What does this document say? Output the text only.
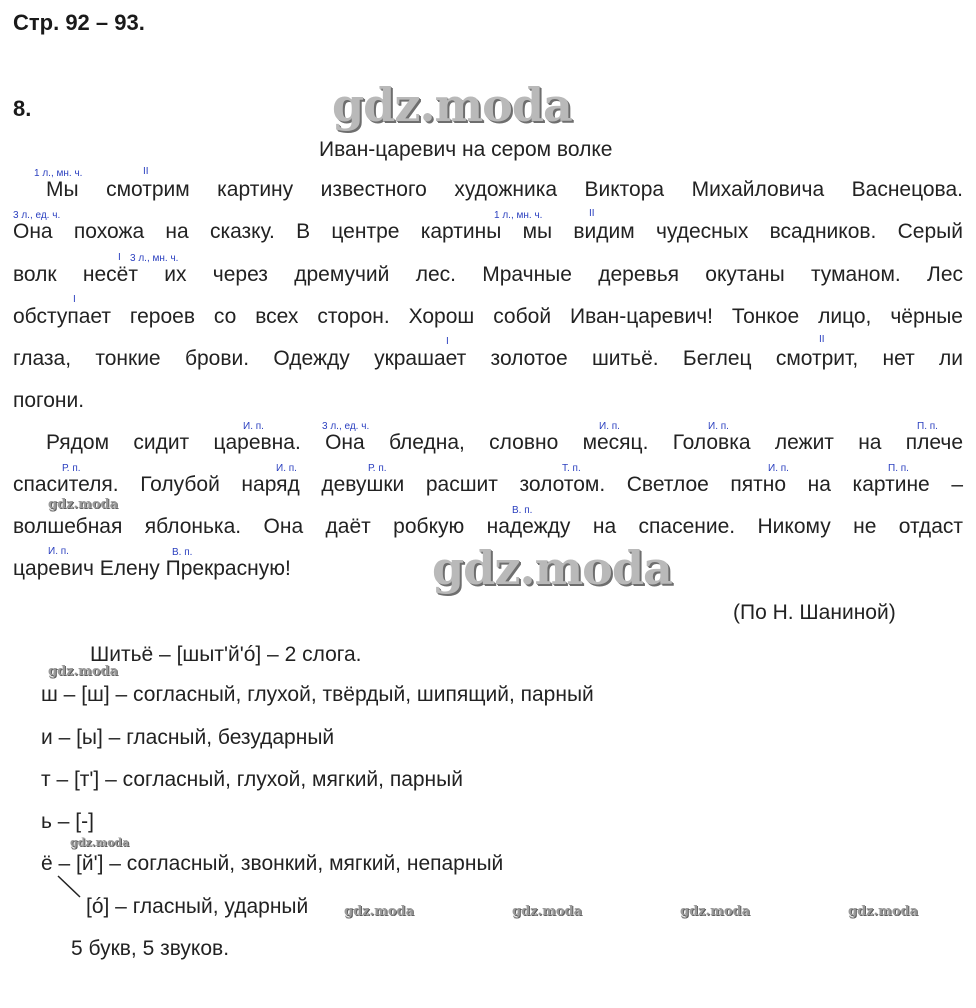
Стр. 92 – 93.
8.	gdz.moda
gdz.moda
Иван-царевич на сером волке
Мы смотрим картину известного художника Виктора Михайловича Васнецова.
Она похожа на сказку. В центре картины мы видим чудесных всадников. Серый
волк несёт их через дремучий лес. Мрачные деревья окутаны туманом. Лес
обступает героев со всех сторон. Хорош собой Иван-царевич! Тонкое лицо, чёрные
глаза, тонкие брови. Одежду украшает золотое шитьё. Беглец смотрит, нет ли
погони.
Рядом сидит царевна. Она бледна, словно месяц. Головка лежит на плече
спасителя. Голубой наряд девушки расшит золотом. Светлое пятно на картине –
волшебная яблонька. Она даёт робкую надежду на спасение. Никому не отдаст
царевич Елену Прекрасную!
(По Н. Шаниной)
1 л., мн. ч.	II
3 л., ед. ч.	1 л., мн. ч.	II
I 3 л., мн. ч.
I
I	II
И. п.	3 л., ед. ч.	И. п.	И. п.	П. п.
Р. п.	И. п.	Р. п.	Т. п.	И. п.	П. п.
В. п.
И. п.	В. п.
gdz.moda
gdz.moda
gdz.moda
gdz.moda	gdz.moda	gdz.moda	gdz.moda
Шитьё – [шыт'й'ó] – 2 слога.
ш – [ш] – согласный, глухой, твёрдый, шипящий, парный
и – [ы] – гласный, безударный
т – [т'] – согласный, глухой, мягкий, парный
ь – [-]
ё – [й'] – согласный, звонкий, мягкий, непарный
[ó] – гласный, ударный
5 букв, 5 звуков.
